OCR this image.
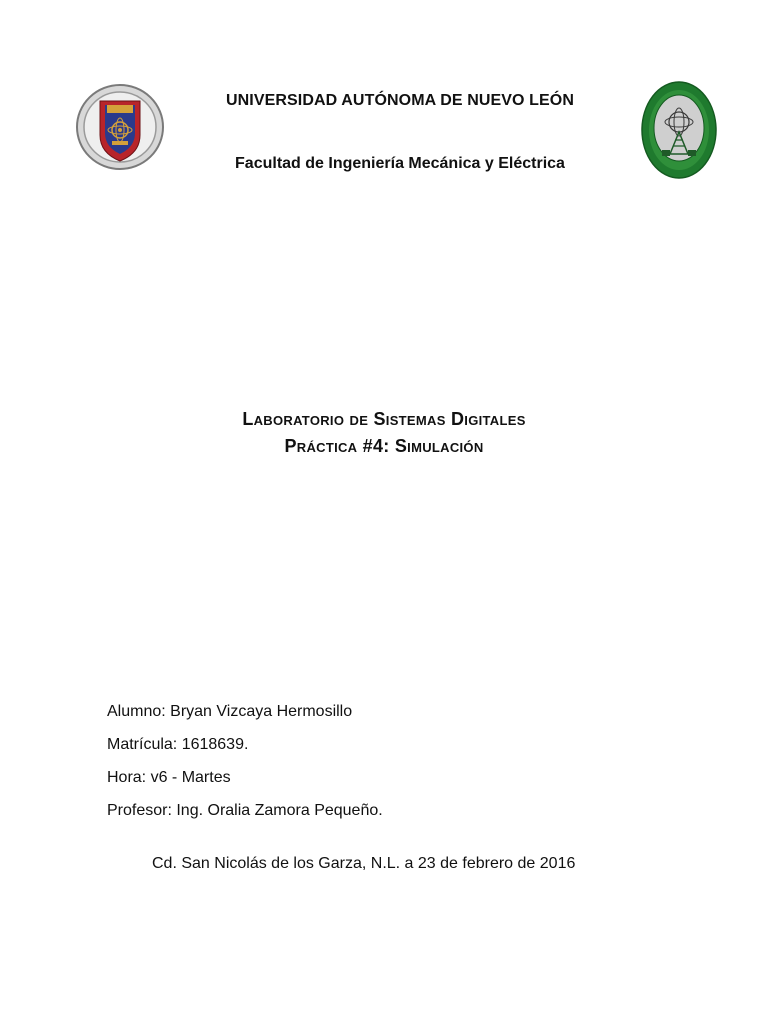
UNIVERSIDAD AUTÓNOMA DE NUEVO LEÓN
Facultad de Ingeniería Mecánica y Eléctrica
Laboratorio de Sistemas Digitales
Práctica #4: Simulación
Alumno: Bryan Vizcaya Hermosillo
Matrícula: 1618639.
Hora: v6 - Martes
Profesor: Ing. Oralia Zamora Pequeño.
Cd. San Nicolás de los Garza, N.L. a 23 de febrero de 2016
